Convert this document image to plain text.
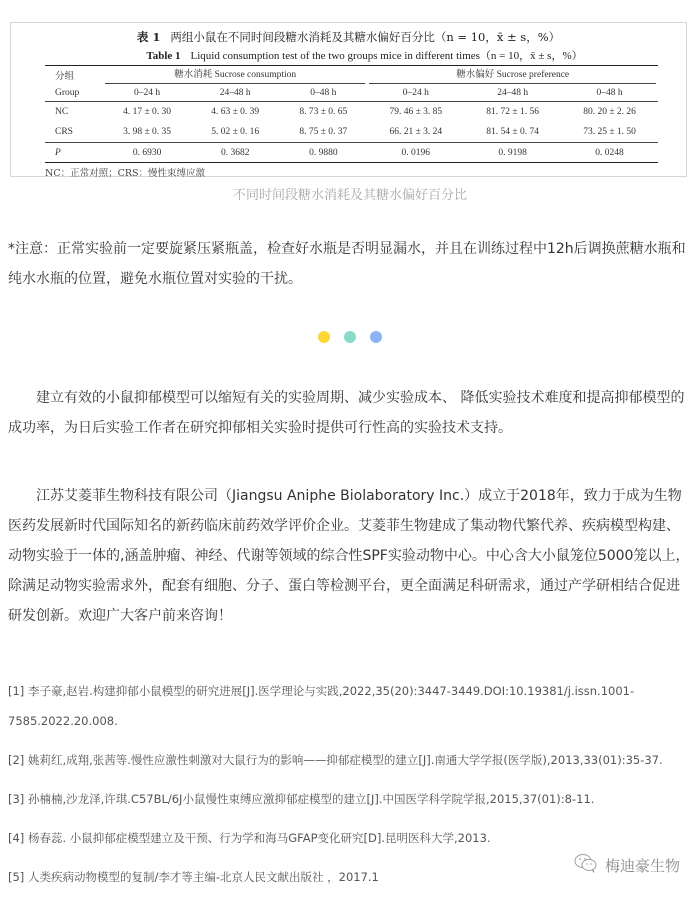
表 1 两组小鼠在不同时间段糖水消耗及其糖水偏好百分比（n = 10，x̄ ± s，%）
Table 1 Liquid consumption test of the two groups mice in different times（n = 10，x̄ ± s，%）
分组	糖水消耗 Sucrose consumption			糖水偏好 Sucrose preference		

Group	0–24 h	24–48 h	0–48 h	0–24 h	24–48 h	0–48 h
NC	4. 17 ± 0. 30	4. 63 ± 0. 39	8. 73 ± 0. 65	79. 46 ± 3. 85	81. 72 ± 1. 56	80. 20 ± 2. 26
CRS	3. 98 ± 0. 35	5. 02 ± 0. 16	8. 75 ± 0. 37	66. 21 ± 3. 24	81. 54 ± 0. 74	73. 25 ± 1. 50
P	0. 6930	0. 3682	0. 9880	0. 0196	0. 9198	0. 0248
NC：正常对照；CRS：慢性束缚应激
不同时间段糖水消耗及其糖水偏好百分比

*注意：正常实验前一定要旋紧压紧瓶盖，检查好水瓶是否明显漏水，并且在训练过程中12h后调换蔗糖水瓶和纯水水瓶的位置，避免水瓶位置对实验的干扰。

建立有效的小鼠抑郁模型可以缩短有关的实验周期、减少实验成本、 降低实验技术难度和提高抑郁模型的成功率，为日后实验工作者在研究抑郁相关实验时提供可行性高的实验技术支持。

江苏艾菱菲生物科技有限公司（Jiangsu Aniphe Biolaboratory Inc.）成立于2018年，致力于成为生物医药发展新时代国际知名的新药临床前药效学评价企业。艾菱菲生物建成了集动物代繁代养、疾病模型构建、动物实验于一体的,涵盖肿瘤、神经、代谢等领域的综合性SPF实验动物中心。中心含大小鼠笼位5000笼以上，除满足动物实验需求外，配套有细胞、分子、蛋白等检测平台，更全面满足科研需求，通过产学研相结合促进研发创新。欢迎广大客户前来咨询！

[1] 李子豪,赵岩.构建抑郁小鼠模型的研究进展[J].医学理论与实践,2022,35(20):3447-3449.DOI:10.19381/j.issn.1001-7585.2022.20.008.
[2] 姚莉红,成翔,张茜等.慢性应激性刺激对大鼠行为的影响——抑郁症模型的建立[J].南通大学学报(医学版),2013,33(01):35-37.
[3] 孙楠楠,沙龙泽,许琪.C57BL/6J小鼠慢性束缚应激抑郁症模型的建立[J].中国医学科学院学报,2015,37(01):8-11.
[4] 杨春蕊. 小鼠抑郁症模型建立及干预、行为学和海马GFAP变化研究[D].昆明医科大学,2013.
[5] 人类疾病动物模型的复制/李才等主编-北京人民文献出版社 ，2017.1
梅迪豪生物
